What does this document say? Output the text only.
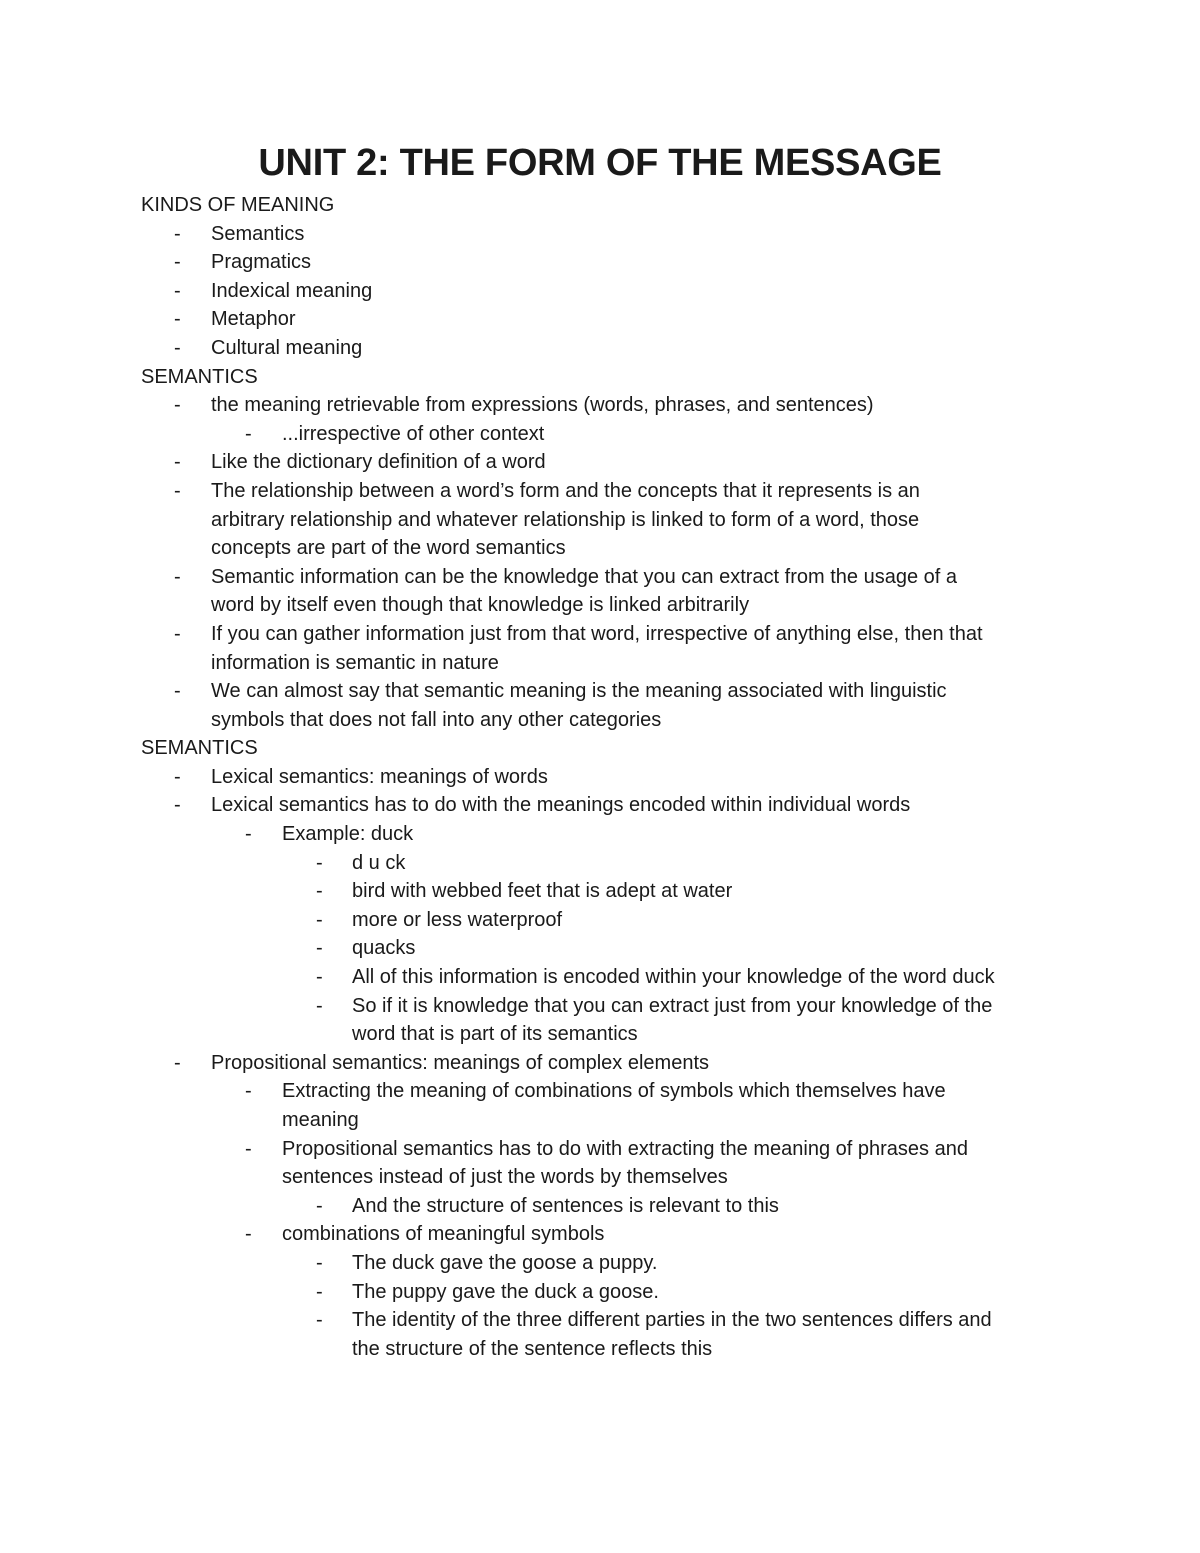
UNIT 2: THE FORM OF THE MESSAGE
KINDS OF MEANING
- Semantics
- Pragmatics
- Indexical meaning
- Metaphor
- Cultural meaning
SEMANTICS
- the meaning retrievable from expressions (words, phrases, and sentences)
- ...irrespective of other context
- Like the dictionary definition of a word
- The relationship between a word’s form and the concepts that it represents is an
arbitrary relationship and whatever relationship is linked to form of a word, those
concepts are part of the word semantics
- Semantic information can be the knowledge that you can extract from the usage of a
word by itself even though that knowledge is linked arbitrarily
- If you can gather information just from that word, irrespective of anything else, then that
information is semantic in nature
- We can almost say that semantic meaning is the meaning associated with linguistic
symbols that does not fall into any other categories
SEMANTICS
- Lexical semantics: meanings of words
- Lexical semantics has to do with the meanings encoded within individual words
- Example: duck
- d u ck
- bird with webbed feet that is adept at water
- more or less waterproof
- quacks
- All of this information is encoded within your knowledge of the word duck
- So if it is knowledge that you can extract just from your knowledge of the
word that is part of its semantics
- Propositional semantics: meanings of complex elements
- Extracting the meaning of combinations of symbols which themselves have
meaning
- Propositional semantics has to do with extracting the meaning of phrases and
sentences instead of just the words by themselves
- And the structure of sentences is relevant to this
- combinations of meaningful symbols
- The duck gave the goose a puppy.
- The puppy gave the duck a goose.
- The identity of the three different parties in the two sentences differs and
the structure of the sentence reflects this
